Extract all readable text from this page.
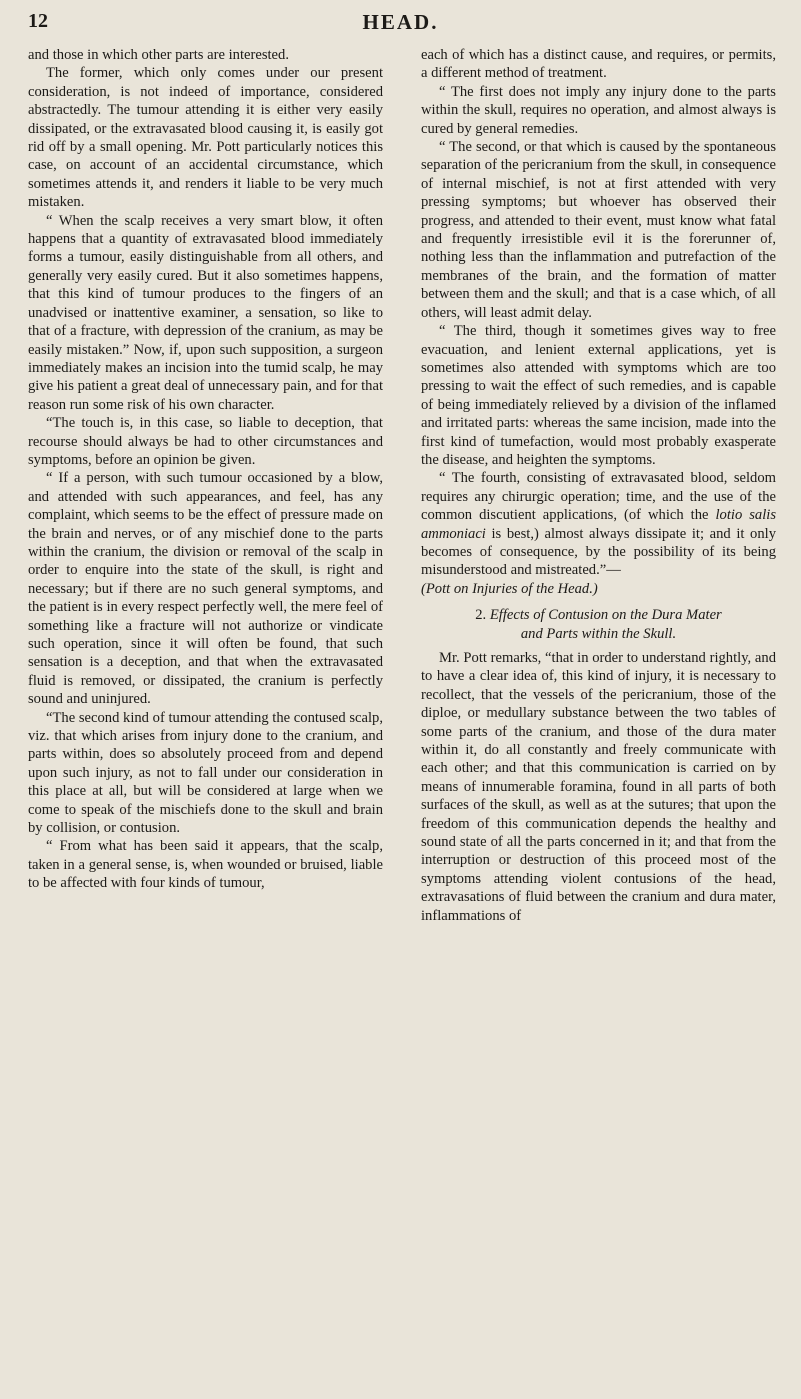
12	HEAD.

and those in which other parts are interested.

The former, which only comes under our present consideration, is not indeed of importance, considered abstractedly. The tumour attending it is either very easily dissipated, or the extravasated blood causing it, is easily got rid off by a small opening. Mr. Pott particularly notices this case, on account of an accidental circumstance, which sometimes attends it, and renders it liable to be very much mistaken.

“ When the scalp receives a very smart blow, it often happens that a quantity of extravasated blood immediately forms a tumour, easily distinguishable from all others, and generally very easily cured. But it also sometimes happens, that this kind of tumour produces to the fingers of an unadvised or inattentive examiner, a sensation, so like to that of a fracture, with depression of the cranium, as may be easily mistaken.” Now, if, upon such supposition, a surgeon immediately makes an incision into the tumid scalp, he may give his patient a great deal of unnecessary pain, and for that reason run some risk of his own character.

“The touch is, in this case, so liable to deception, that recourse should always be had to other circumstances and symptoms, before an opinion be given.

“ If a person, with such tumour occasioned by a blow, and attended with such appearances, and feel, has any complaint, which seems to be the effect of pressure made on the brain and nerves, or of any mischief done to the parts within the cranium, the division or removal of the scalp in order to enquire into the state of the skull, is right and necessary; but if there are no such general symptoms, and the patient is in every respect perfectly well, the mere feel of something like a fracture will not authorize or vindicate such operation, since it will often be found, that such sensation is a deception, and that when the extravasated fluid is removed, or dissipated, the cranium is perfectly sound and uninjured.

“The second kind of tumour attending the contused scalp, viz. that which arises from injury done to the cranium, and parts within, does so absolutely proceed from and depend upon such injury, as not to fall under our consideration in this place at all, but will be considered at large when we come to speak of the mischiefs done to the skull and brain by collision, or contusion.

“ From what has been said it appears, that the scalp, taken in a general sense, is, when wounded or bruised, liable to be affected with four kinds of tumour,

each of which has a distinct cause, and requires, or permits, a different method of treatment.

“ The first does not imply any injury done to the parts within the skull, requires no operation, and almost always is cured by general remedies.

“ The second, or that which is caused by the spontaneous separation of the pericranium from the skull, in consequence of internal mischief, is not at first attended with very pressing symptoms; but whoever has observed their progress, and attended to their event, must know what fatal and frequently irresistible evil it is the forerunner of, nothing less than the inflammation and putrefaction of the membranes of the brain, and the formation of matter between them and the skull; and that is a case which, of all others, will least admit delay.

“ The third, though it sometimes gives way to free evacuation, and lenient external applications, yet is sometimes also attended with symptoms which are too pressing to wait the effect of such remedies, and is capable of being immediately relieved by a division of the inflamed and irritated parts: whereas the same incision, made into the first kind of tumefaction, would most probably exasperate the disease, and heighten the symptoms.

“ The fourth, consisting of extravasated blood, seldom requires any chirurgic operation; time, and the use of the common discutient applications, (of which the lotio salis ammoniaci is best,) almost always dissipate it; and it only becomes of consequence, by the possibility of its being misunderstood and mistreated.”—
(Pott on Injuries of the Head.)

2. Effects of Contusion on the Dura Mater
and Parts within the Skull.

Mr. Pott remarks, “that in order to understand rightly, and to have a clear idea of, this kind of injury, it is necessary to recollect, that the vessels of the pericranium, those of the diploe, or medullary substance between the two tables of some parts of the cranium, and those of the dura mater within it, do all constantly and freely communicate with each other; and that this communication is carried on by means of innumerable foramina, found in all parts of both surfaces of the skull, as well as at the sutures; that upon the freedom of this communication depends the healthy and sound state of all the parts concerned in it; and that from the interruption or destruction of this proceed most of the symptoms attending violent contusions of the head, extravasations of fluid between the cranium and dura mater, inflammations of
